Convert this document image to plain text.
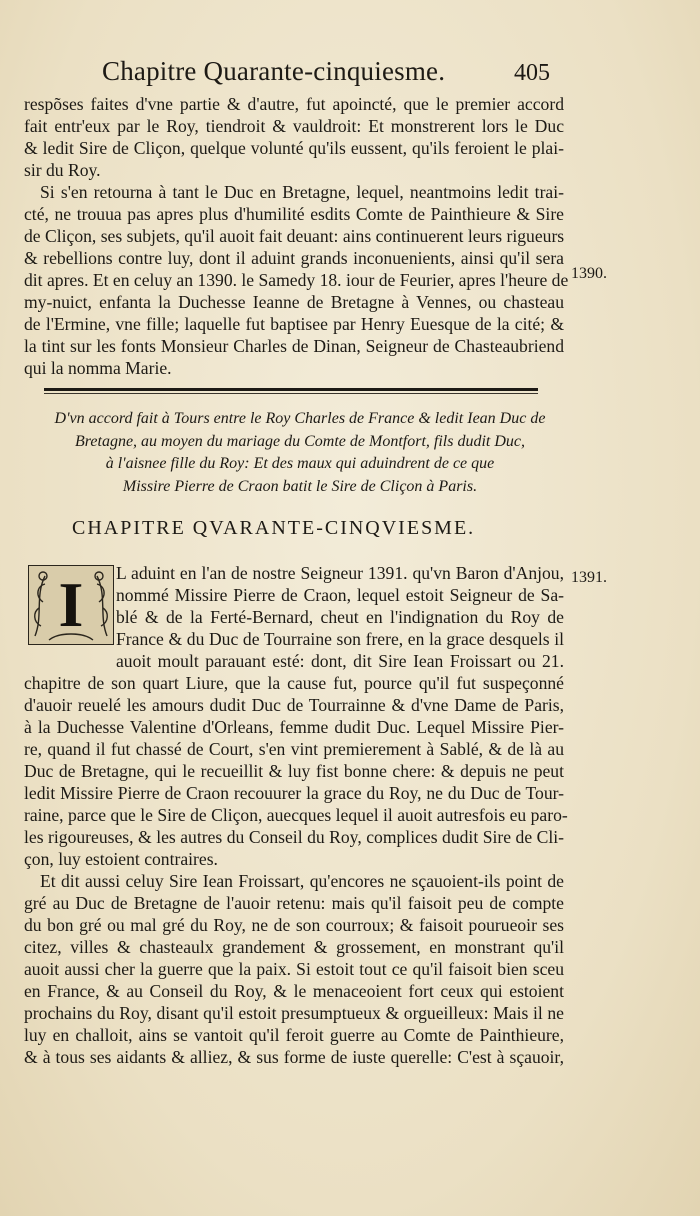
Chapitre Quarante-cinquiesme.	405
respõses faites d'vne partie & d'autre, fut apoincté, que le premier accord
fait entr'eux par le Roy, tiendroit & vauldroit: Et monstrerent lors le Duc
& ledit Sire de Cliçon, quelque volunté qu'ils eussent, qu'ils feroient le plai-
sir du Roy.
Si s'en retourna à tant le Duc en Bretagne, lequel, neantmoins ledit trai-
cté, ne trouua pas apres plus d'humilité esdits Comte de Painthieure & Sire
de Cliçon, ses subjets, qu'il auoit fait deuant: ains continuerent leurs rigueurs
& rebellions contre luy, dont il aduint grands inconuenients, ainsi qu'il sera
dit apres. Et en celuy an 1390. le Samedy 18. iour de Feurier, apres l'heure de
my-nuict, enfanta la Duchesse Ieanne de Bretagne à Vennes, ou chasteau
de l'Ermine, vne fille; laquelle fut baptisee par Henry Euesque de la cité; &
la tint sur les fonts Monsieur Charles de Dinan, Seigneur de Chasteaubriend
qui la nomma Marie.
1390.
D'vn accord fait à Tours entre le Roy Charles de France & ledit Iean Duc de
Bretagne, au moyen du mariage du Comte de Montfort, fils dudit Duc,
à l'aisnee fille du Roy: Et des maux qui aduindrent de ce que
Missire Pierre de Craon batit le Sire de Cliçon à Paris.
CHAPITRE QVARANTE-CINQVIESME.
I	1391.
L aduint en l'an de nostre Seigneur 1391. qu'vn Baron d'Anjou,
nommé Missire Pierre de Craon, lequel estoit Seigneur de Sa-
blé & de la Ferté-Bernard, cheut en l'indignation du Roy de
France & du Duc de Tourraine son frere, en la grace desquels il
auoit moult parauant esté: dont, dit Sire Iean Froissart ou 21.
chapitre de son quart Liure, que la cause fut, pource qu'il fut suspeçonné
d'auoir reuelé les amours dudit Duc de Tourrainne & d'vne Dame de Paris,
à la Duchesse Valentine d'Orleans, femme dudit Duc. Lequel Missire Pier-
re, quand il fut chassé de Court, s'en vint premierement à Sablé, & de là au
Duc de Bretagne, qui le recueillit & luy fist bonne chere: & depuis ne peut
ledit Missire Pierre de Craon recouurer la grace du Roy, ne du Duc de Tour-
raine, parce que le Sire de Cliçon, auecques lequel il auoit autresfois eu paro-
les rigoureuses, & les autres du Conseil du Roy, complices dudit Sire de Cli-
çon, luy estoient contraires.
Et dit aussi celuy Sire Iean Froissart, qu'encores ne sçauoient-ils point de
gré au Duc de Bretagne de l'auoir retenu: mais qu'il faisoit peu de compte
du bon gré ou mal gré du Roy, ne de son courroux; & faisoit pourueoir ses
citez, villes & chasteaulx grandement & grossement, en monstrant qu'il
auoit aussi cher la guerre que la paix. Si estoit tout ce qu'il faisoit bien sceu
en France, & au Conseil du Roy, & le menaceoient fort ceux qui estoient
prochains du Roy, disant qu'il estoit presumptueux & orgueilleux: Mais il ne
luy en challoit, ains se vantoit qu'il feroit guerre au Comte de Painthieure,
& à tous ses aidants & alliez, & sus forme de iuste querelle: C'est à sçauoir,
